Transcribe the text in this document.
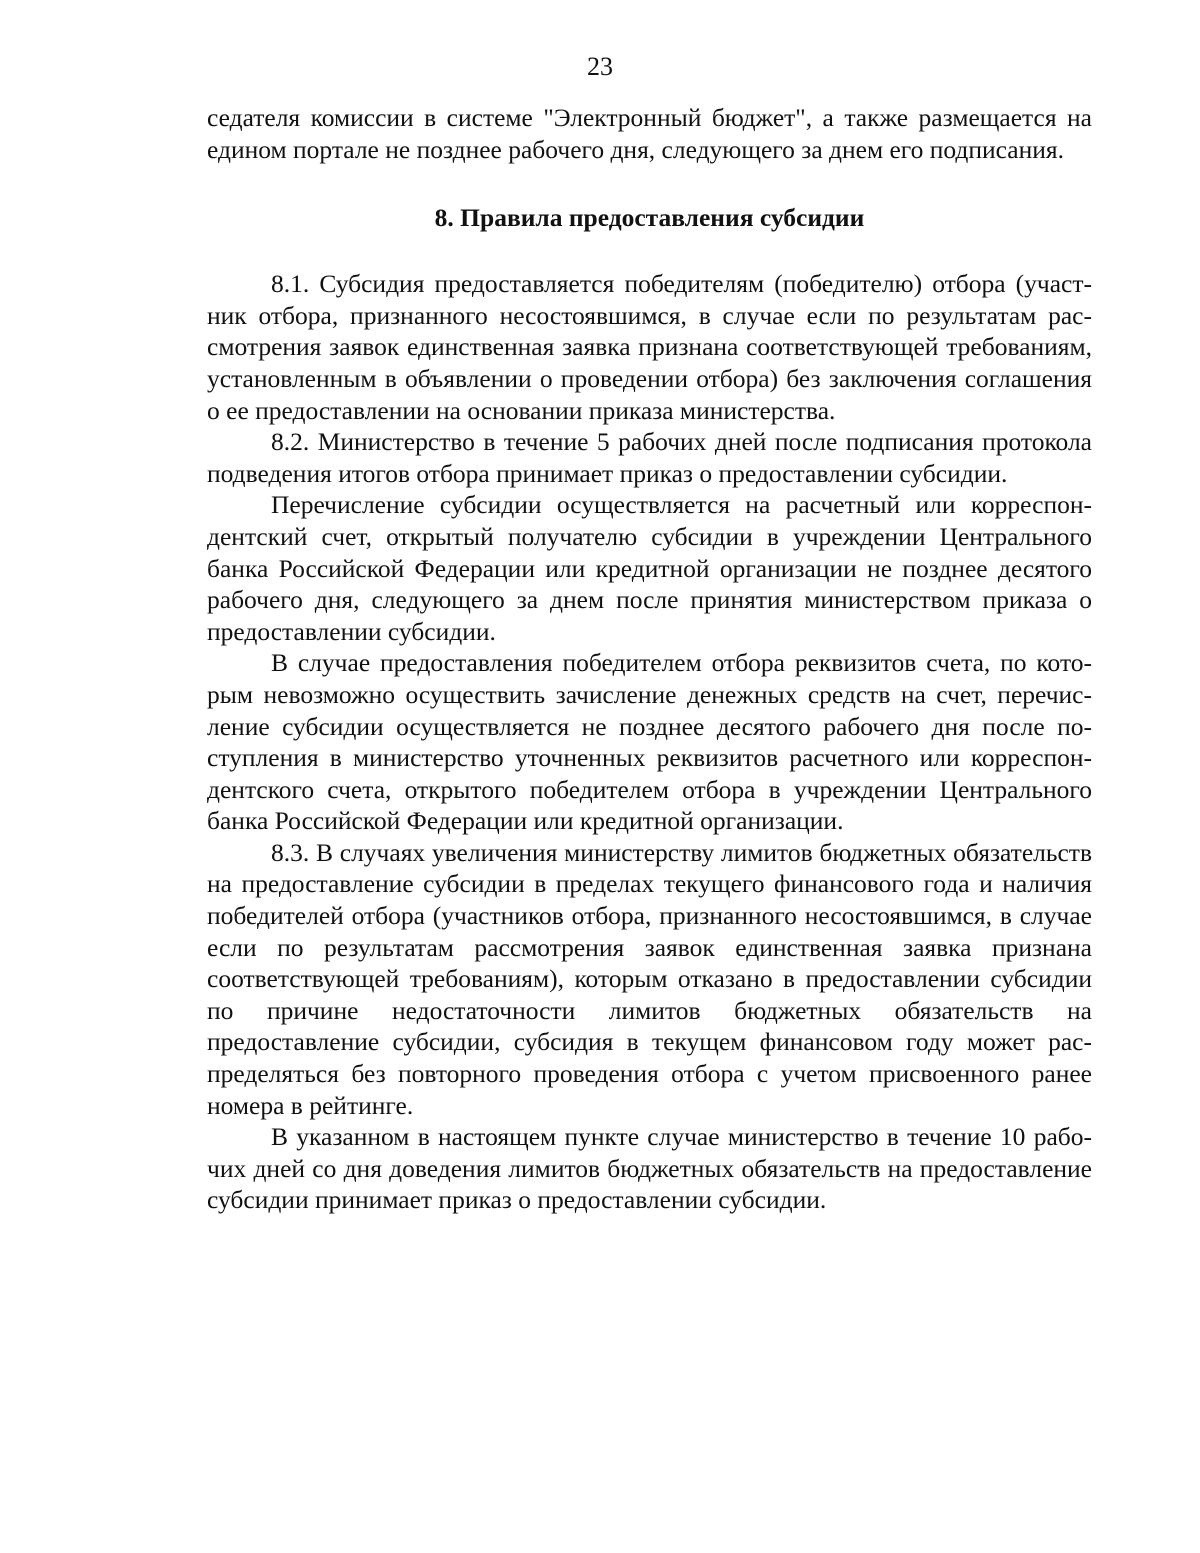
23

седателя комиссии в системе "Электронный бюджет", а также размещается на едином портале не позднее рабочего дня, следующего за днем его подписания.

8. Правила предоставления субсидии

8.1. Субсидия предоставляется победителям (победителю) отбора (участник отбора, признанного несостоявшимся, в случае если по результатам рассмотрения заявок единственная заявка признана соответствующей требованиям, установленным в объявлении о проведении отбора) без заключения соглашения о ее предоставлении на основании приказа министерства.

8.2. Министерство в течение 5 рабочих дней после подписания протокола подведения итогов отбора принимает приказ о предоставлении субсидии.

Перечисление субсидии осуществляется на расчетный или корреспондентский счет, открытый получателю субсидии в учреждении Центрального банка Российской Федерации или кредитной организации не позднее десятого рабочего дня, следующего за днем после принятия министерством приказа о предоставлении субсидии.

В случае предоставления победителем отбора реквизитов счета, по которым невозможно осуществить зачисление денежных средств на счет, перечисление субсидии осуществляется не позднее десятого рабочего дня после поступления в министерство уточненных реквизитов расчетного или корреспондентского счета, открытого победителем отбора в учреждении Центрального банка Российской Федерации или кредитной организации.

8.3. В случаях увеличения министерству лимитов бюджетных обязательств на предоставление субсидии в пределах текущего финансового года и наличия победителей отбора (участников отбора, признанного несостоявшимся, в случае если по результатам рассмотрения заявок единственная заявка признана соответствующей требованиям), которым отказано в предоставлении субсидии по причине недостаточности лимитов бюджетных обязательств на предоставление субсидии, субсидия в текущем финансовом году может распределяться без повторного проведения отбора с учетом присвоенного ранее номера в рейтинге.

В указанном в настоящем пункте случае министерство в течение 10 рабочих дней со дня доведения лимитов бюджетных обязательств на предоставление субсидии принимает приказ о предоставлении субсидии.
